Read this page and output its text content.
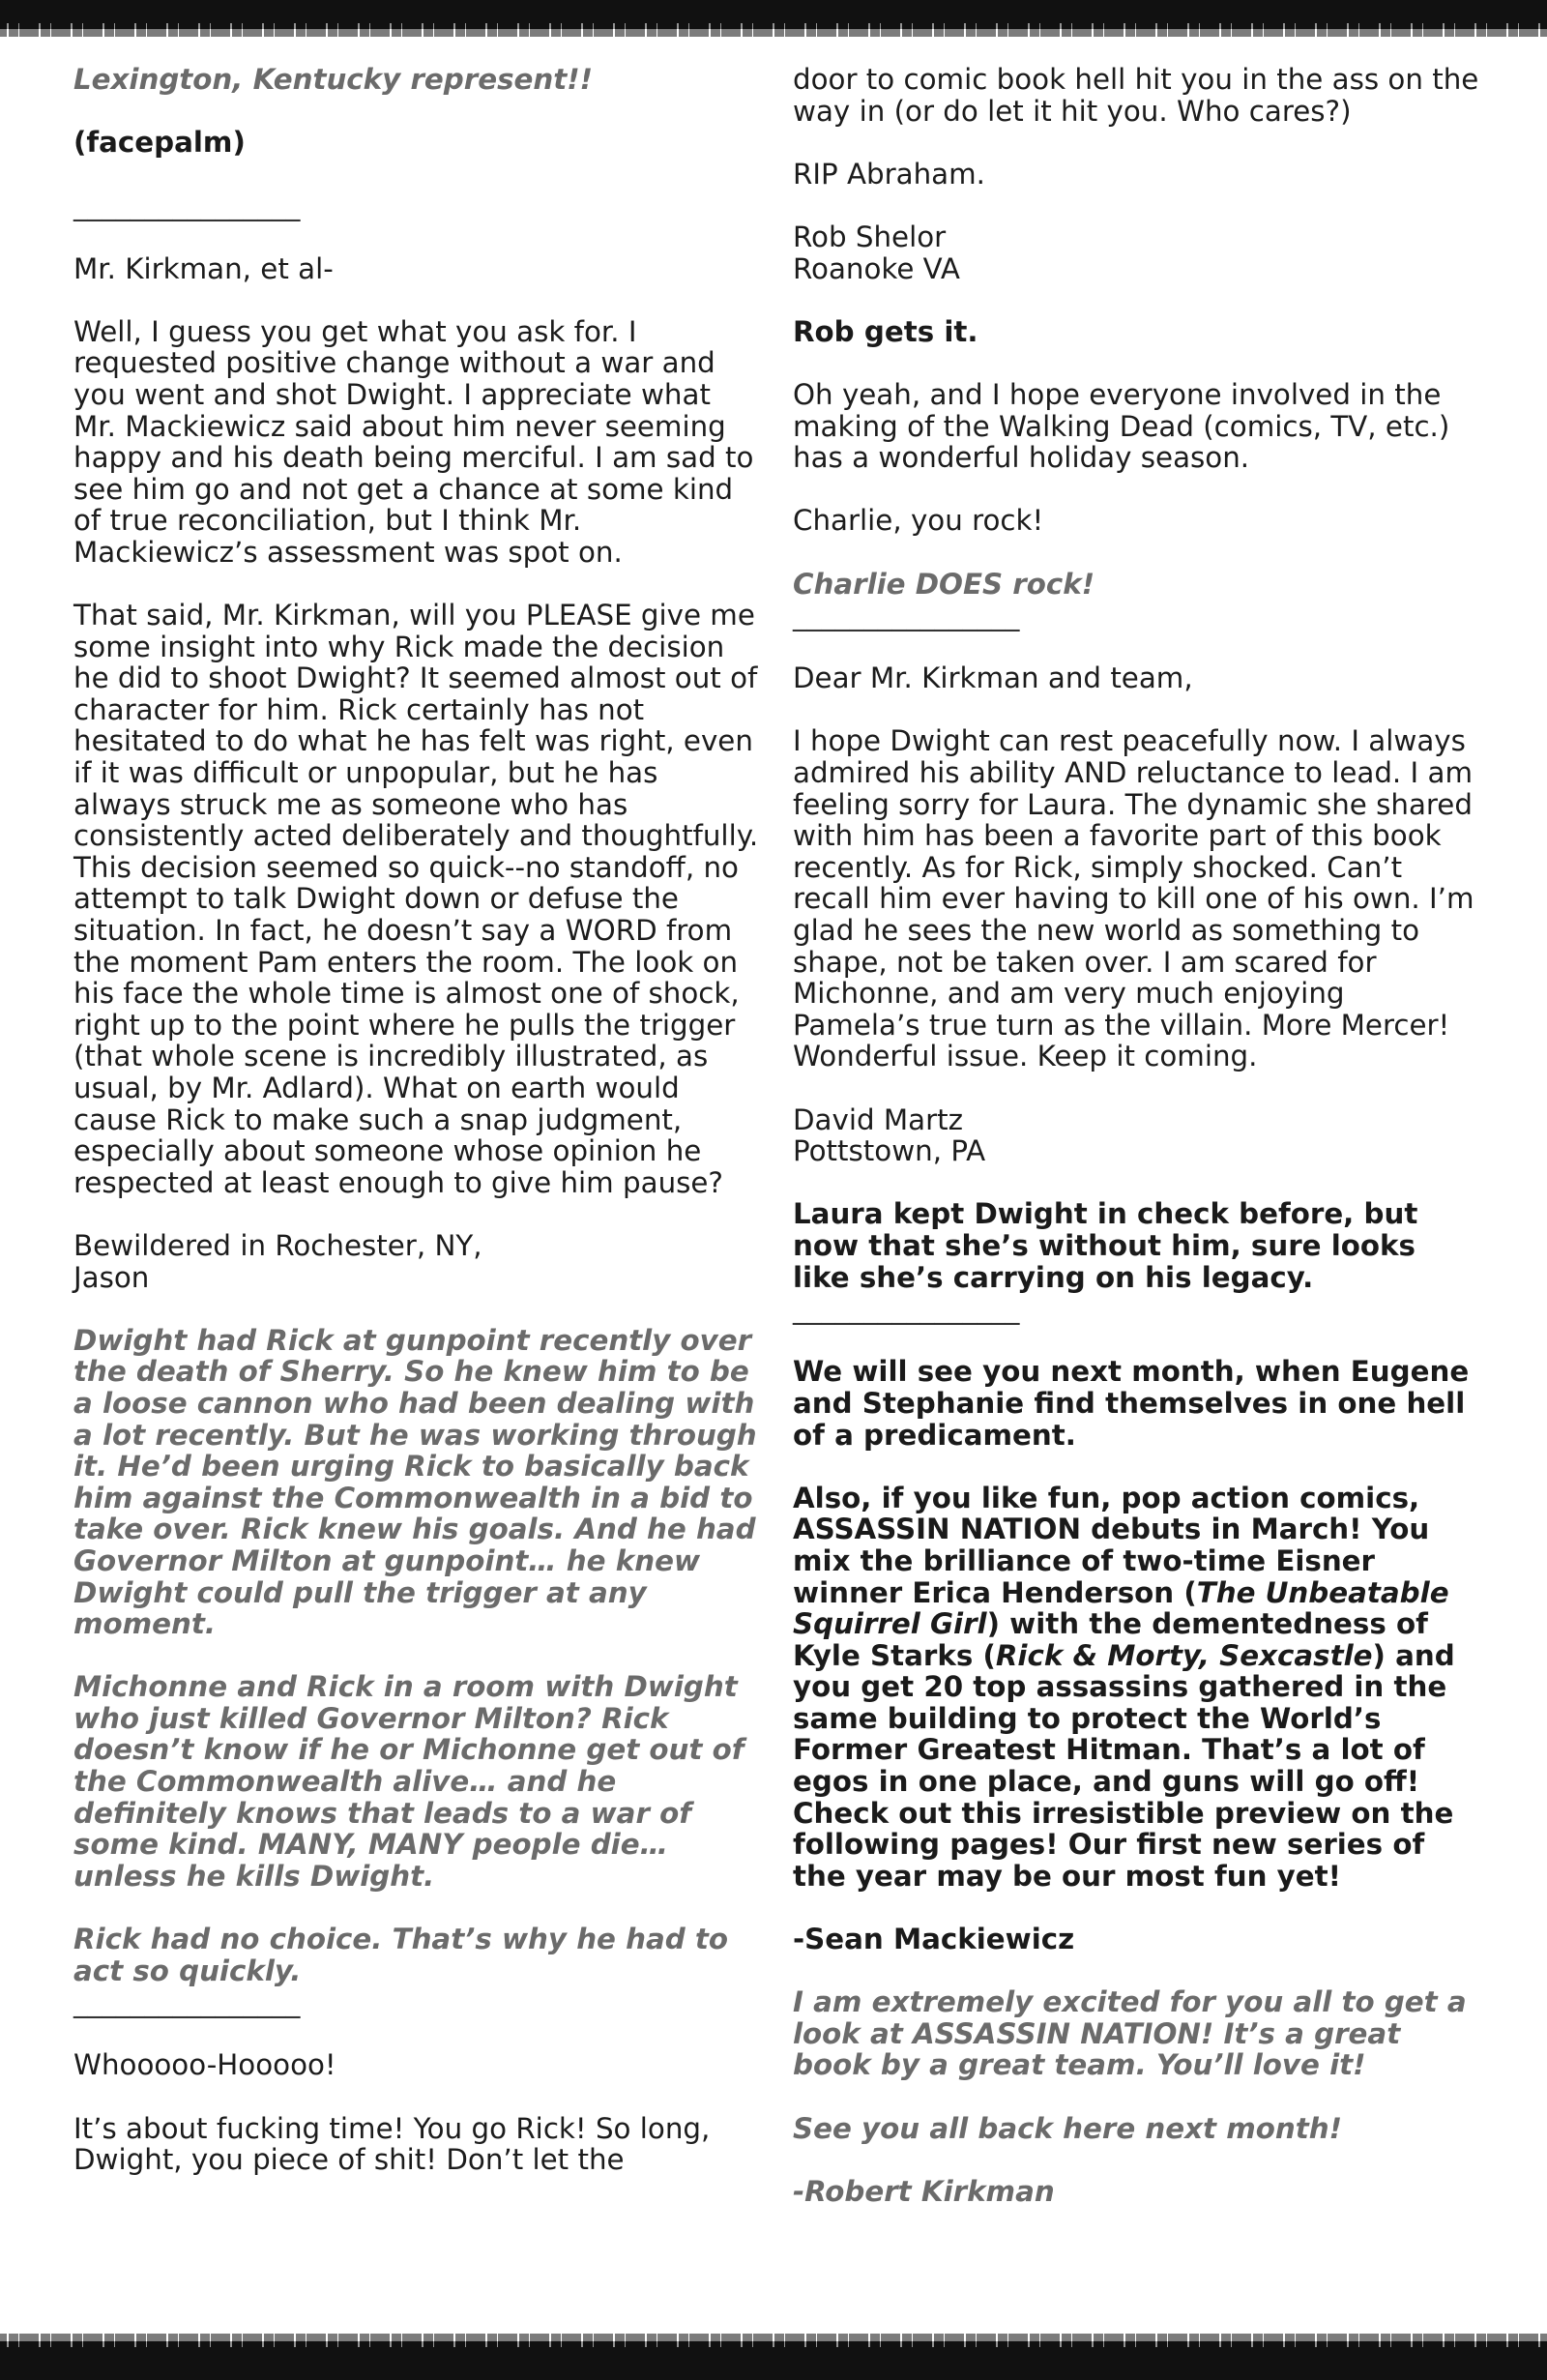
Lexington, Kentucky represent!!

(facepalm)

________________

Mr. Kirkman, et al-

Well, I guess you get what you ask for. I requested positive change without a war and you went and shot Dwight. I appreciate what Mr. Mackiewicz said about him never seeming happy and his death being merciful. I am sad to see him go and not get a chance at some kind of true reconciliation, but I think Mr. Mackiewicz’s assessment was spot on.

That said, Mr. Kirkman, will you PLEASE give me some insight into why Rick made the decision he did to shoot Dwight? It seemed almost out of character for him. Rick certainly has not hesitated to do what he has felt was right, even if it was difficult or unpopular, but he has always struck me as someone who has consistently acted deliberately and thoughtfully. This decision seemed so quick--no standoff, no attempt to talk Dwight down or defuse the situation. In fact, he doesn’t say a WORD from the moment Pam enters the room. The look on his face the whole time is almost one of shock, right up to the point where he pulls the trigger (that whole scene is incredibly illustrated, as usual, by Mr. Adlard). What on earth would cause Rick to make such a snap judgment, especially about someone whose opinion he respected at least enough to give him pause?

Bewildered in Rochester, NY,

Jason

Dwight had Rick at gunpoint recently over the death of Sherry. So he knew him to be a loose cannon who had been dealing with a lot recently. But he was working through it. He’d been urging Rick to basically back him against the Commonwealth in a bid to take over. Rick knew his goals. And he had Governor Milton at gunpoint… he knew Dwight could pull the trigger at any moment.

Michonne and Rick in a room with Dwight who just killed Governor Milton? Rick doesn’t know if he or Michonne get out of the Commonwealth alive… and he definitely knows that leads to a war of some kind. MANY, MANY people die… unless he kills Dwight.

Rick had no choice. That’s why he had to act so quickly.

________________

Whooooo-Hooooo!

It’s about fucking time! You go Rick! So long, Dwight, you piece of shit! Don’t let the

door to comic book hell hit you in the ass on the way in (or do let it hit you. Who cares?)

RIP Abraham.

Rob Shelor

Roanoke VA

Rob gets it.

Oh yeah, and I hope everyone involved in the making of the Walking Dead (comics, TV, etc.) has a wonderful holiday season.

Charlie, you rock!

Charlie DOES rock!

________________

Dear Mr. Kirkman and team,

I hope Dwight can rest peacefully now. I always admired his ability AND reluctance to lead. I am feeling sorry for Laura. The dynamic she shared with him has been a favorite part of this book recently. As for Rick, simply shocked. Can’t recall him ever having to kill one of his own. I’m glad he sees the new world as something to shape, not be taken over. I am scared for Michonne, and am very much enjoying Pamela’s true turn as the villain. More Mercer! Wonderful issue. Keep it coming.

David Martz

Pottstown, PA

Laura kept Dwight in check before, but now that she’s without him, sure looks like she’s carrying on his legacy.

________________

We will see you next month, when Eugene and Stephanie find themselves in one hell of a predicament.

Also, if you like fun, pop action comics, ASSASSIN NATION debuts in March! You mix the brilliance of two-time Eisner winner Erica Henderson (The Unbeatable Squirrel Girl) with the dementedness of Kyle Starks (Rick & Morty, Sexcastle) and you get 20 top assassins gathered in the same building to protect the World’s Former Greatest Hitman. That’s a lot of egos in one place, and guns will go off! Check out this irresistible preview on the following pages! Our first new series of the year may be our most fun yet!

-Sean Mackiewicz

I am extremely excited for you all to get a look at ASSASSIN NATION! It’s a great book by a great team. You’ll love it!

See you all back here next month!

-Robert Kirkman
